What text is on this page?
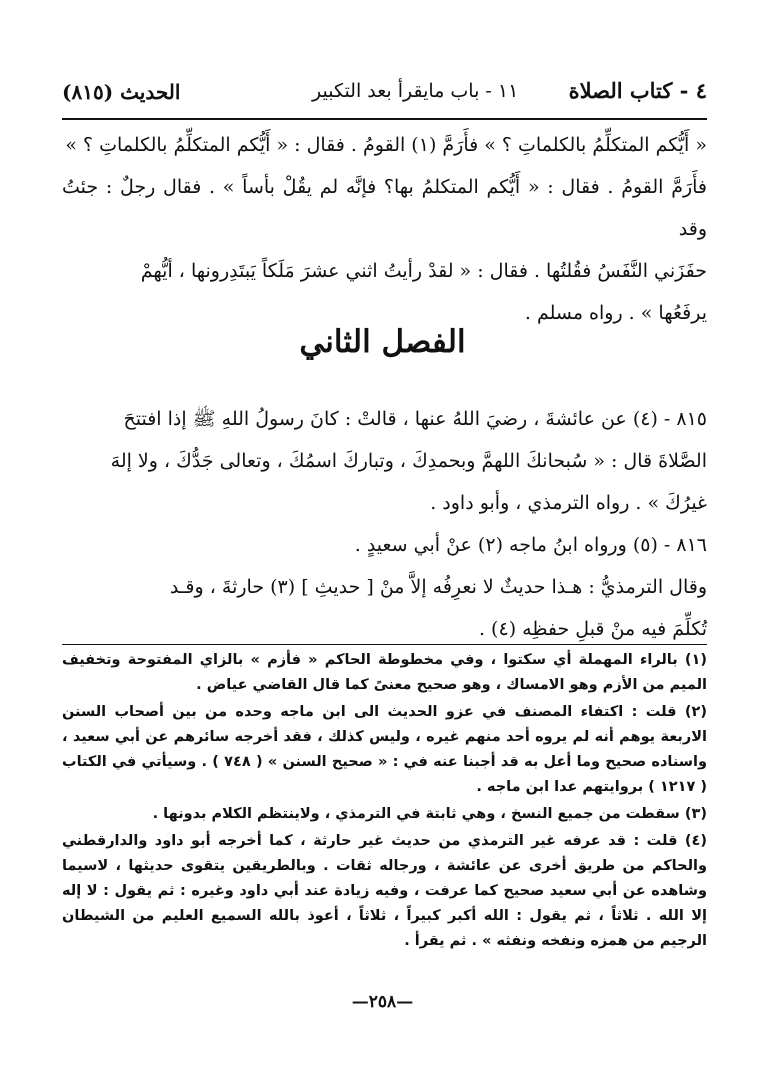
٤ - كتاب الصلاة
١١ - باب مايقرأ بعد التكبير
الحديث (٨١٥)

« أَيُّكم المتكلِّمُ بالكلماتِ ؟ » فأَرَمَّ (١) القومُ . فقال : « أَيُّكم المتكلِّمُ بالكلماتِ ؟ »

فأَرَمَّ القومُ . فقال : « أَيُّكم المتكلمُ بها؟ فإنَّه لم يقُلْ بأساً » . فقال رجلٌ : جئتُ وقد

حفَزَني النَّفَسُ فقُلتُها . فقال : « لقدْ رأيتُ اثني عشرَ مَلَكاً يَبتَدِرونها ، أيُّهمْ

يرفَعُها » . رواه مسلم .

الفصل الثاني

٨١٥ - (٤) عن عائشةَ ، رضيَ اللهُ عنها ، قالتْ : كانَ رسولُ اللهِ ﷺ إذا افتتحَ

الصَّلاةَ قال : « سُبحانكَ اللهمَّ وبحمدِكَ ، وتباركَ اسمُكَ ، وتعالى جَدُّكَ ، ولا إلهَ

غيرُكَ » . رواه الترمذي ، وأبو داود .

٨١٦ - (٥) ورواه ابنُ ماجه (٢) عنْ أبي سعيدٍ .

وقال الترمذيُّ : هـذا حديثٌ لا نعرِفُه إلاَّ منْ [ حديثِ ] (٣) حارثةَ ، وقـد

تُكلِّمَ فيه منْ قبلِ حفظِه (٤) .

(١) بالراء المهملة أي سكتوا ، وفي مخطوطة الحاكم « فأزم » بالزاي المفتوحة وتخفيف الميم من الأزم وهو الامساك ، وهو صحيح معنىً كما قال القاضي عياض .

(٢) قلت : اكتفاء المصنف في عزو الحديث الى ابن ماجه وحده من بين أصحاب السنن الاربعة يوهم أنه لم يروه أحد منهم غيره ، وليس كذلك ، فقد أخرجه سائرهم عن أبي سعيد ، واسناده صحيح وما أعل به قد أجبنا عنه في : « صحيح السنن » ( ٧٤٨ ) . وسيأتي في الكتاب ( ١٢١٧ ) بروايتهم عدا ابن ماجه .

(٣) سقطت من جميع النسخ ، وهي ثابتة في الترمذي ، ولاينتظم الكلام بدونها .

(٤) قلت : قد عرفه غير الترمذي من حديث غير حارثة ، كما أخرجه أبو داود والدارقطني والحاكم من طريق أخرى عن عائشة ، ورجاله ثقات . وبالطريقين يتقوى حديثها ، لاسيما وشاهده عن أبي سعيد صحيح كما عرفت ، وفيه زيادة عند أبي داود وغيره : ثم يقول : لا إله إلا الله . ثلاثاً ، ثم يقول : الله أكبر كبيراً ، ثلاثاً ، أعوذ بالله السميع العليم من الشيطان الرجيم من همزه ونفخه ونفثه » . ثم يقرأ .

—٢٥٨—
